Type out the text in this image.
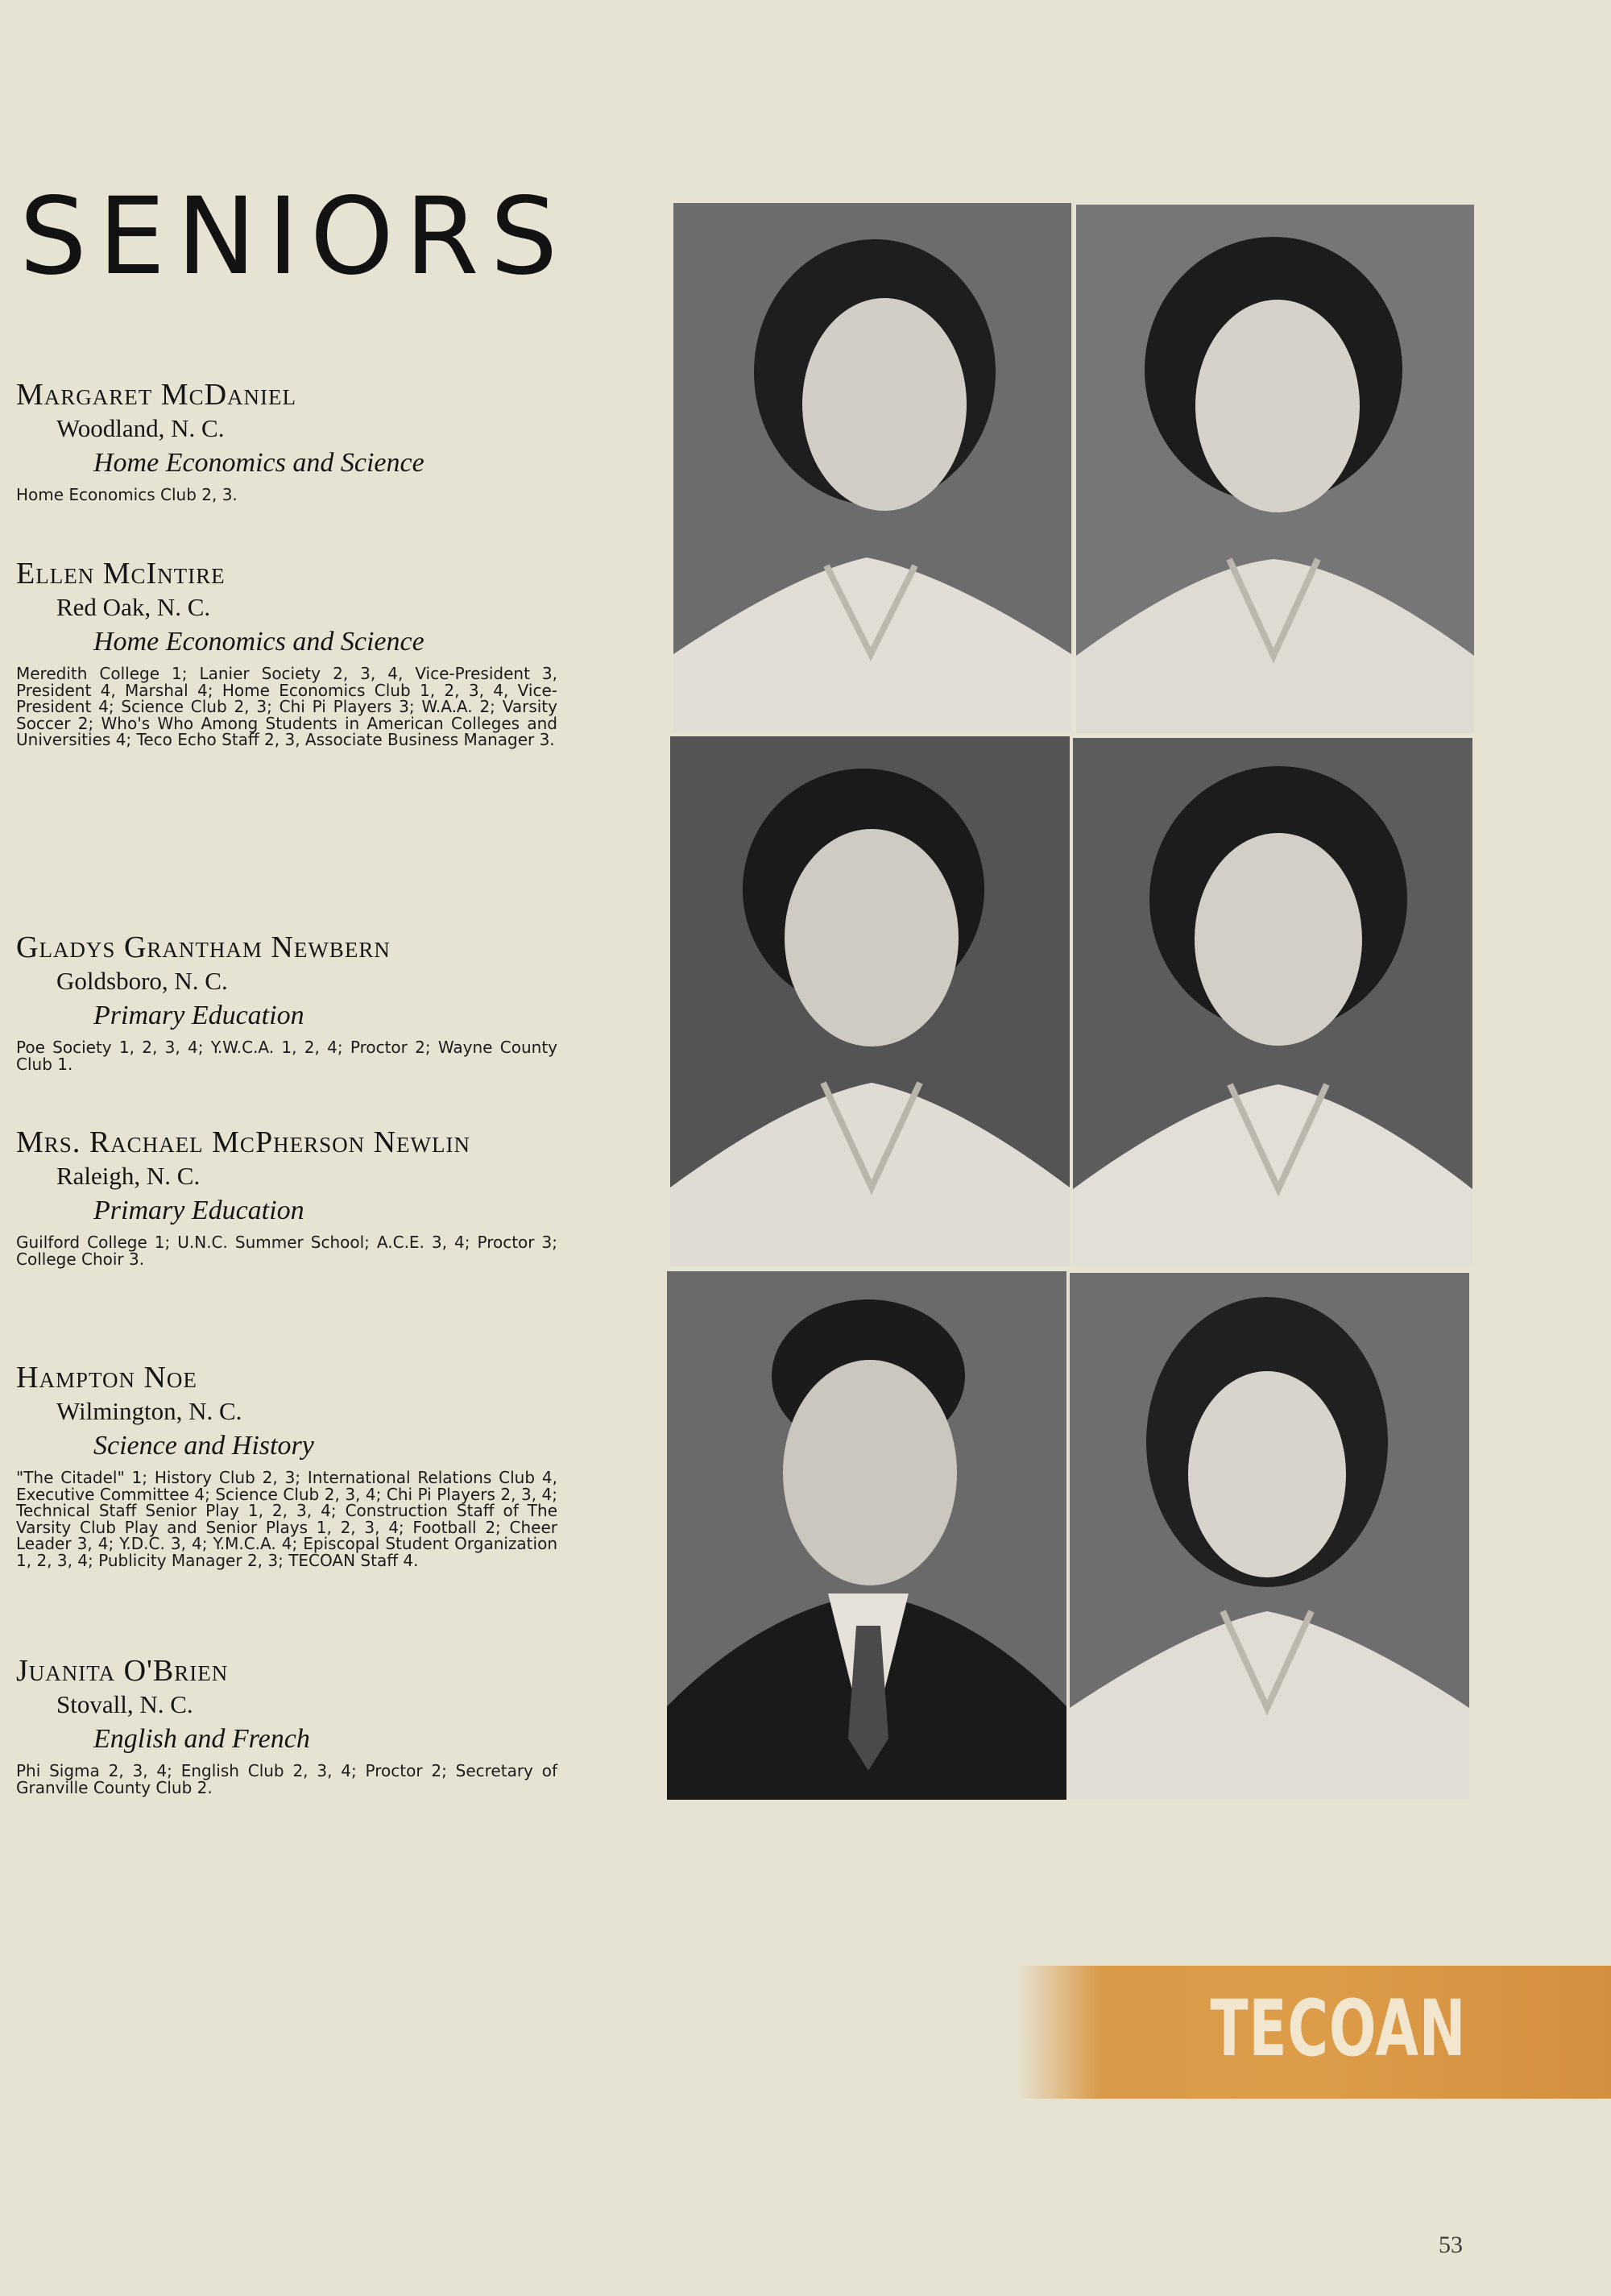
SENIORS
Margaret McDaniel
Woodland, N. C.
Home Economics and Science
Home Economics Club 2, 3.
Ellen McIntire
Red Oak, N. C.
Home Economics and Science
Meredith College 1; Lanier Society 2, 3, 4, Vice-President 3, President 4, Marshal 4; Home Economics Club 1, 2, 3, 4, Vice-President 4; Science Club 2, 3; Chi Pi Players 3; W.A.A. 2; Varsity Soccer 2; Who's Who Among Students in American Colleges and Universities 4; Teco Echo Staff 2, 3, Associate Business Manager 3.
Gladys Grantham Newbern
Goldsboro, N. C.
Primary Education
Poe Society 1, 2, 3, 4; Y.W.C.A. 1, 2, 4; Proctor 2; Wayne County Club 1.
Mrs. Rachael McPherson Newlin
Raleigh, N. C.
Primary Education
Guilford College 1; U.N.C. Summer School; A.C.E. 3, 4; Proctor 3; College Choir 3.
Hampton Noe
Wilmington, N. C.
Science and History
"The Citadel" 1; History Club 2, 3; International Relations Club 4, Executive Committee 4; Science Club 2, 3, 4; Chi Pi Players 2, 3, 4; Technical Staff Senior Play 1, 2, 3, 4; Construction Staff of The Varsity Club Play and Senior Plays 1, 2, 3, 4; Football 2; Cheer Leader 3, 4; Y.D.C. 3, 4; Y.M.C.A. 4; Episcopal Student Organization 1, 2, 3, 4; Publicity Manager 2, 3; TECOAN Staff 4.
Juanita O'Brien
Stovall, N. C.
English and French
Phi Sigma 2, 3, 4; English Club 2, 3, 4; Proctor 2; Secretary of Granville County Club 2.
TECOAN
53
